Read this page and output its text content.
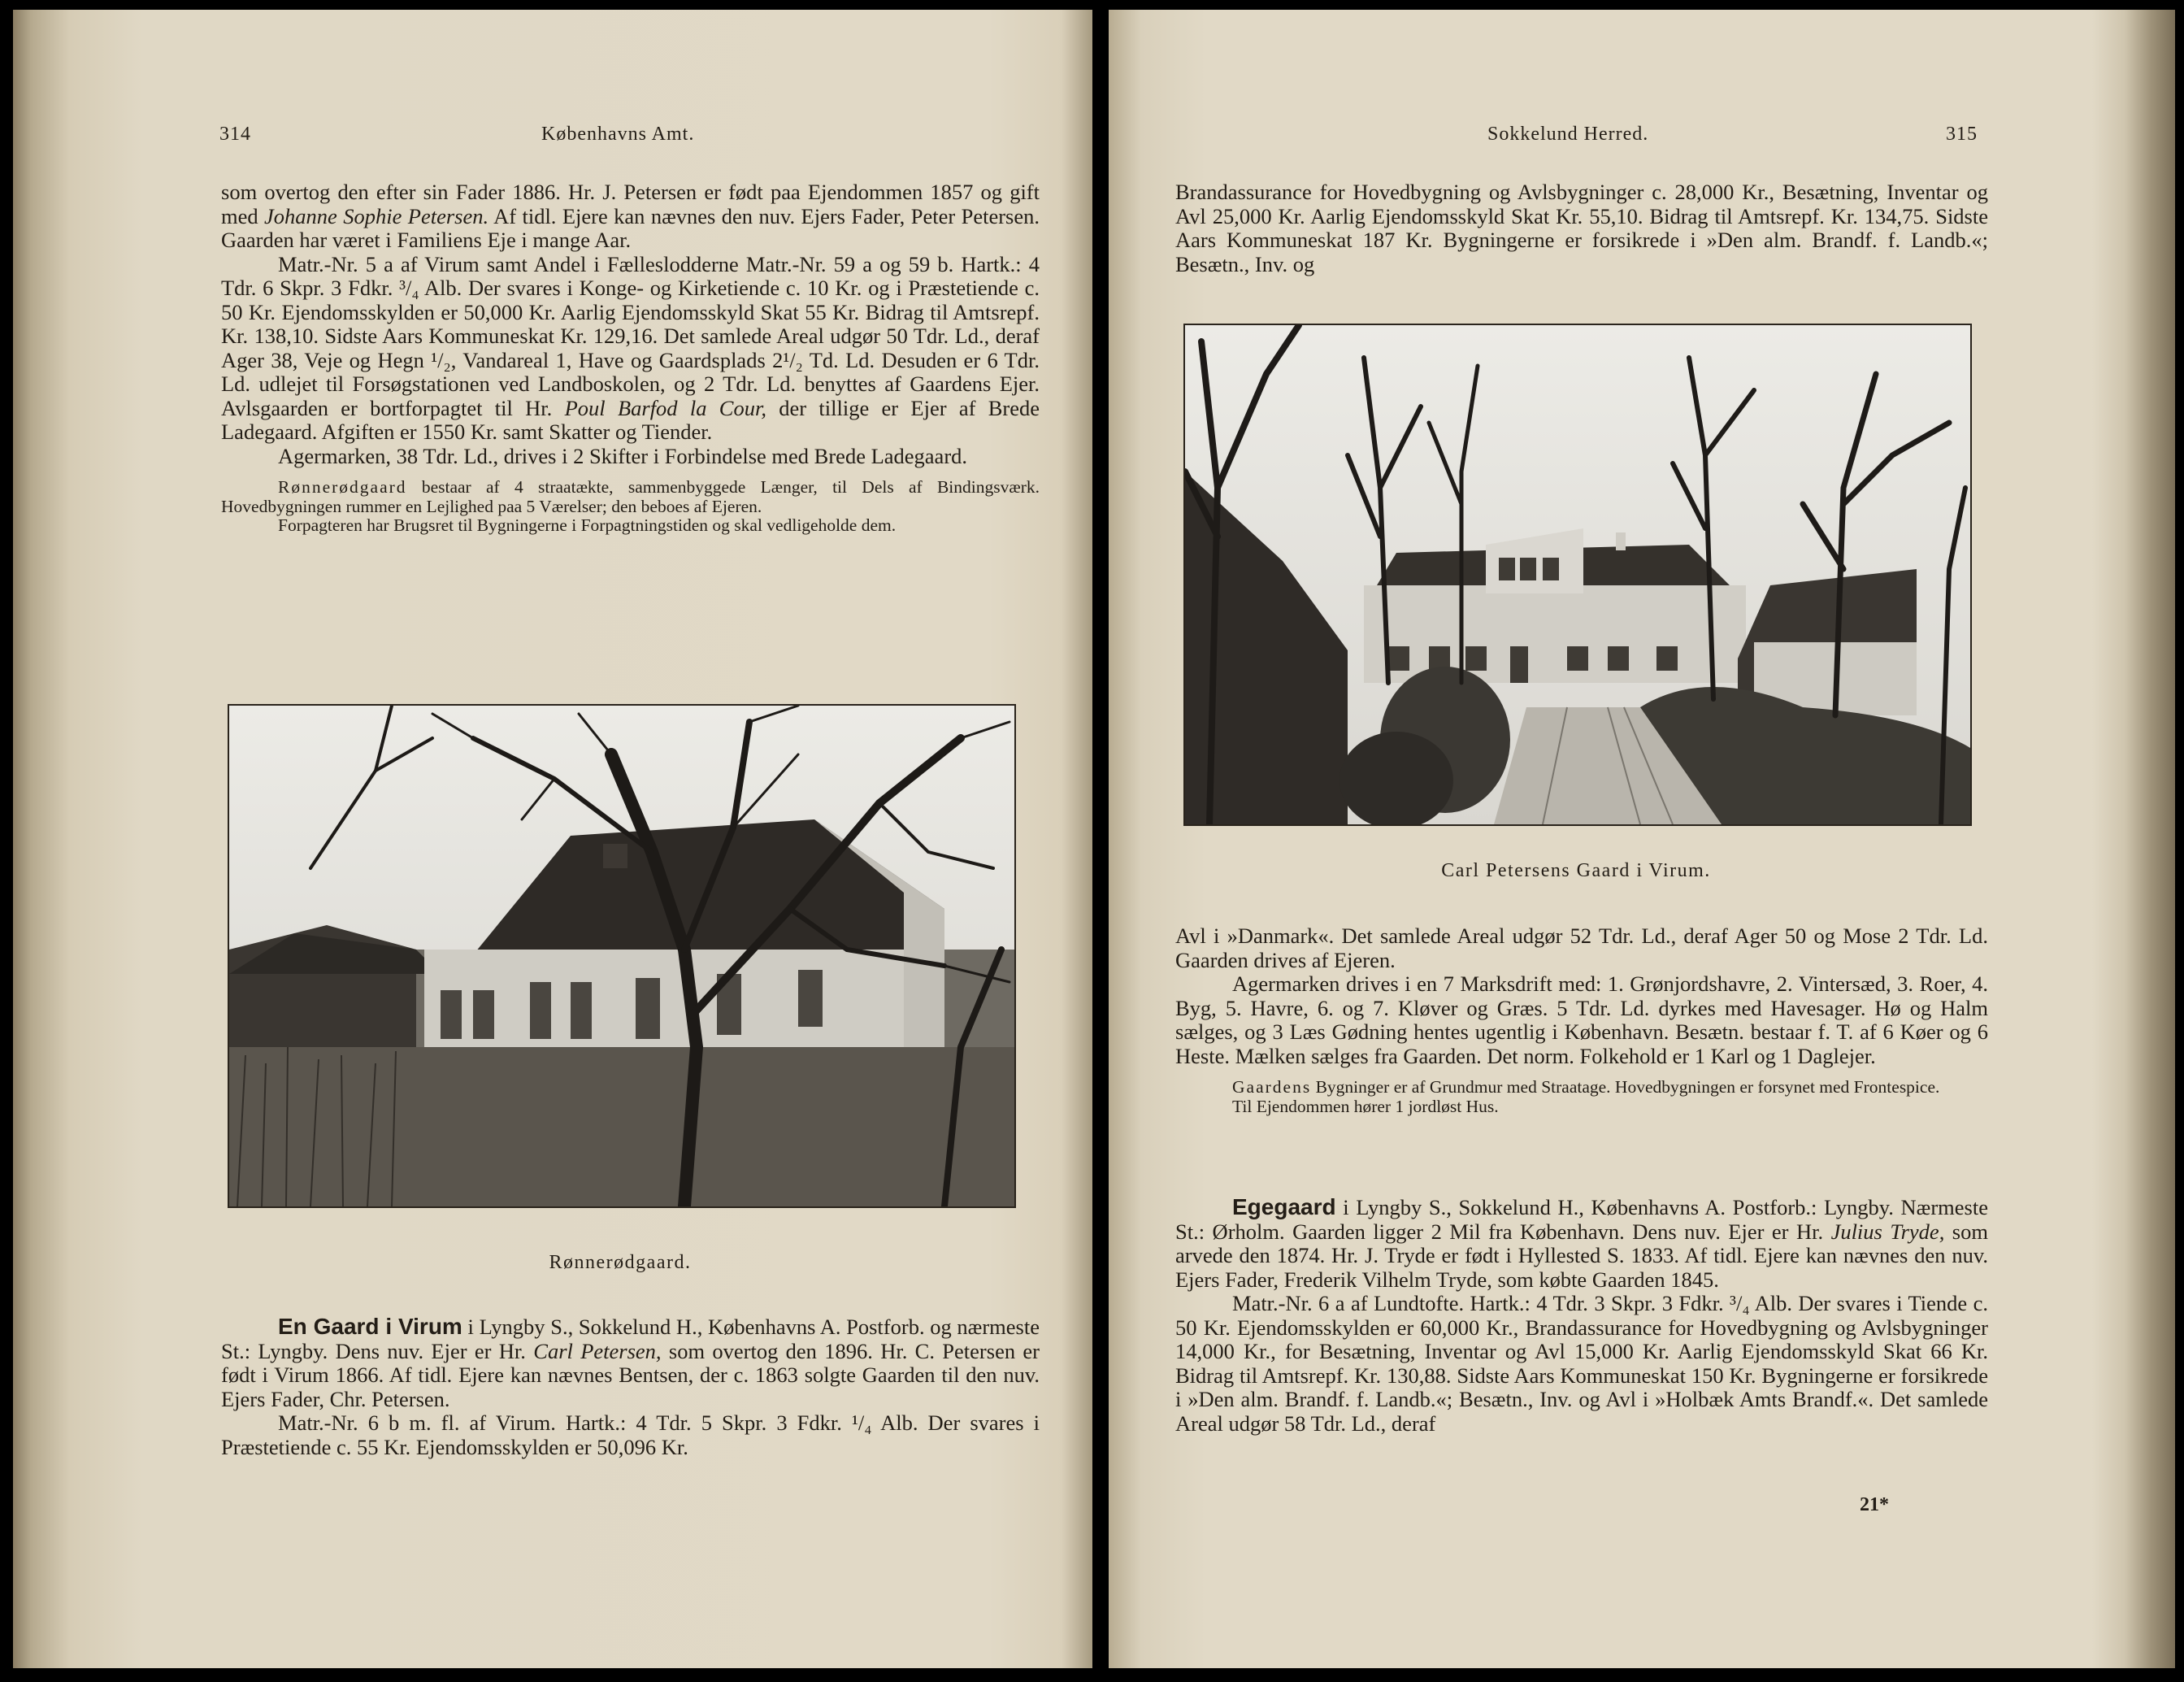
314	Københavns Amt.

som overtog den efter sin Fader 1886. Hr. J. Petersen er født paa Ejendommen 1857 og gift med Johanne Sophie Petersen. Af tidl. Ejere kan nævnes den nuv. Ejers Fader, Peter Petersen. Gaarden har været i Familiens Eje i mange Aar.

Matr.-Nr. 5 a af Virum samt Andel i Fælleslodderne Matr.-Nr. 59 a og 59 b. Hartk.: 4 Tdr. 6 Skpr. 3 Fdkr. ³/₄ Alb. Der svares i Konge- og Kirketiende c. 10 Kr. og i Præstetiende c. 50 Kr. Ejendomsskylden er 50,000 Kr. Aarlig Ejendomsskyld Skat 55 Kr. Bidrag til Amtsrepf. Kr. 138,10. Sidste Aars Kommuneskat Kr. 129,16. Det samlede Areal udgør 50 Tdr. Ld., deraf Ager 38, Veje og Hegn ¹/₂, Vandareal 1, Have og Gaardsplads 2¹/₂ Td. Ld. Desuden er 6 Tdr. Ld. udlejet til Forsøgstationen ved Landboskolen, og 2 Tdr. Ld. benyttes af Gaardens Ejer. Avlsgaarden er bortforpagtet til Hr. Poul Barfod la Cour, der tillige er Ejer af Brede Ladegaard. Afgiften er 1550 Kr. samt Skatter og Tiender.

Agermarken, 38 Tdr. Ld., drives i 2 Skifter i Forbindelse med Brede Ladegaard.

Rønnerødgaard bestaar af 4 straatækte, sammenbyggede Længer, til Dels af Bindingsværk. Hovedbygningen rummer en Lejlighed paa 5 Værelser; den beboes af Ejeren.

Forpagteren har Brugsret til Bygningerne i Forpagtningstiden og skal vedligeholde dem.

Rønnerødgaard.

En Gaard i Virum i Lyngby S., Sokkelund H., Københavns A. Postforb. og nærmeste St.: Lyngby. Dens nuv. Ejer er Hr. Carl Petersen, som overtog den 1896. Hr. C. Petersen er født i Virum 1866. Af tidl. Ejere kan nævnes Bentsen, der c. 1863 solgte Gaarden til den nuv. Ejers Fader, Chr. Petersen.

Matr.-Nr. 6 b m. fl. af Virum. Hartk.: 4 Tdr. 5 Skpr. 3 Fdkr. ¹/₄ Alb. Der svares i Præstetiende c. 55 Kr. Ejendomsskylden er 50,096 Kr.

Sokkelund Herred.	315

Brandassurance for Hovedbygning og Avlsbygninger c. 28,000 Kr., Besætning, Inventar og Avl 25,000 Kr. Aarlig Ejendomsskyld Skat Kr. 55,10. Bidrag til Amtsrepf. Kr. 134,75. Sidste Aars Kommuneskat 187 Kr. Bygningerne er forsikrede i »Den alm. Brandf. f. Landb.«; Besætn., Inv. og

Carl Petersens Gaard i Virum.

Avl i »Danmark«. Det samlede Areal udgør 52 Tdr. Ld., deraf Ager 50 og Mose 2 Tdr. Ld. Gaarden drives af Ejeren.

Agermarken drives i en 7 Marksdrift med: 1. Grønjordshavre, 2. Vintersæd, 3. Roer, 4. Byg, 5. Havre, 6. og 7. Kløver og Græs. 5 Tdr. Ld. dyrkes med Havesager. Hø og Halm sælges, og 3 Læs Gødning hentes ugentlig i København. Besætn. bestaar f. T. af 6 Køer og 6 Heste. Mælken sælges fra Gaarden. Det norm. Folkehold er 1 Karl og 1 Daglejer.

Gaardens Bygninger er af Grundmur med Straatage. Hovedbygningen er forsynet med Frontespice.

Til Ejendommen hører 1 jordløst Hus.

Egegaard i Lyngby S., Sokkelund H., Københavns A. Postforb.: Lyngby. Nærmeste St.: Ørholm. Gaarden ligger 2 Mil fra København. Dens nuv. Ejer er Hr. Julius Tryde, som arvede den 1874. Hr. J. Tryde er født i Hyllested S. 1833. Af tidl. Ejere kan nævnes den nuv. Ejers Fader, Frederik Vilhelm Tryde, som købte Gaarden 1845.

Matr.-Nr. 6 a af Lundtofte. Hartk.: 4 Tdr. 3 Skpr. 3 Fdkr. ³/₄ Alb. Der svares i Tiende c. 50 Kr. Ejendomsskylden er 60,000 Kr., Brandassurance for Hovedbygning og Avlsbygninger 14,000 Kr., for Besætning, Inventar og Avl 15,000 Kr. Aarlig Ejendomsskyld Skat 66 Kr. Bidrag til Amtsrepf. Kr. 130,88. Sidste Aars Kommuneskat 150 Kr. Bygningerne er forsikrede i »Den alm. Brandf. f. Landb.«; Besætn., Inv. og Avl i »Holbæk Amts Brandf.«. Det samlede Areal udgør 58 Tdr. Ld., deraf

21*
